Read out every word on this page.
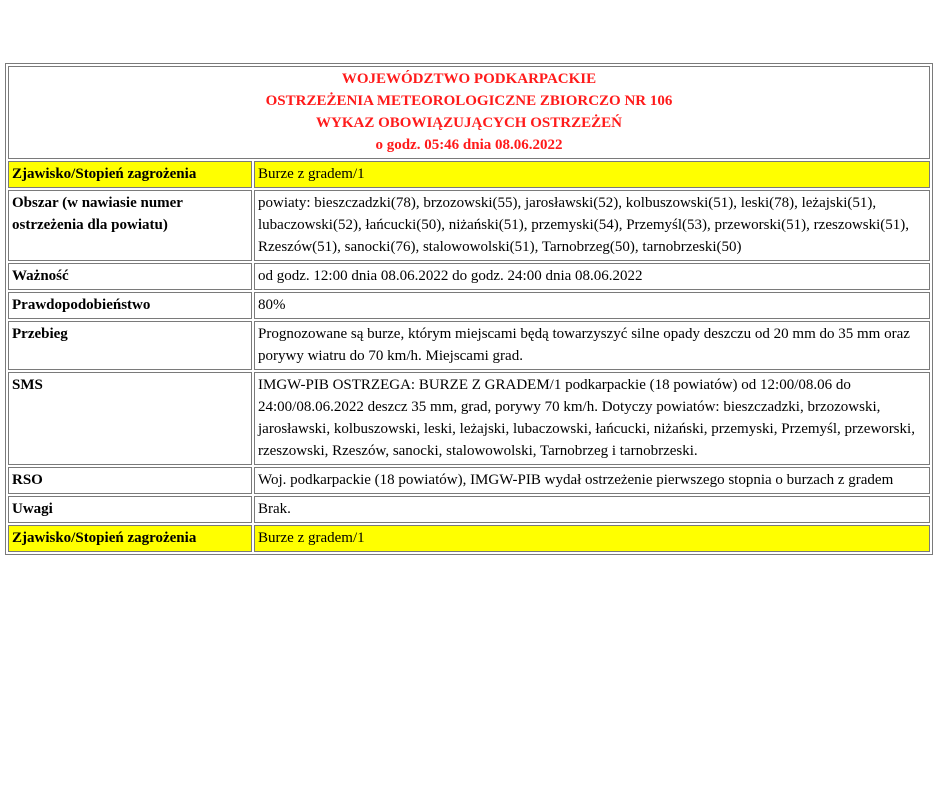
WOJEWÓDZTWO PODKARPACKIE
OSTRZEŻENIA METEOROLOGICZNE ZBIORCZO NR 106
WYKAZ OBOWIĄZUJĄCYCH OSTRZEŻEŃ
o godz. 05:46 dnia 08.06.2022	

Zjawisko/Stopień zagrożenia	Burze z gradem/1
Obszar (w nawiasie numer ostrzeżenia dla powiatu)	powiaty: bieszczadzki(78), brzozowski(55), jarosławski(52), kolbuszowski(51), leski(78), leżajski(51), lubaczowski(52), łańcucki(50), niżański(51), przemyski(54), Przemyśl(53), przeworski(51), rzeszowski(51), Rzeszów(51), sanocki(76), stalowowolski(51), Tarnobrzeg(50), tarnobrzeski(50)
Ważność	od godz. 12:00 dnia 08.06.2022 do godz. 24:00 dnia 08.06.2022
Prawdopodobieństwo	80%
Przebieg	Prognozowane są burze, którym miejscami będą towarzyszyć silne opady deszczu od 20 mm do 35 mm oraz porywy wiatru do 70 km/h. Miejscami grad.
SMS	IMGW-PIB OSTRZEGA: BURZE Z GRADEM/1 podkarpackie (18 powiatów) od 12:00/08.06 do 24:00/08.06.2022 deszcz 35 mm, grad, porywy 70 km/h. Dotyczy powiatów: bieszczadzki, brzozowski, jarosławski, kolbuszowski, leski, leżajski, lubaczowski, łańcucki, niżański, przemyski, Przemyśl, przeworski, rzeszowski, Rzeszów, sanocki, stalowowolski, Tarnobrzeg i tarnobrzeski.
RSO	Woj. podkarpackie (18 powiatów), IMGW-PIB wydał ostrzeżenie pierwszego stopnia o burzach z gradem
Uwagi	Brak.
Zjawisko/Stopień zagrożenia	Burze z gradem/1
